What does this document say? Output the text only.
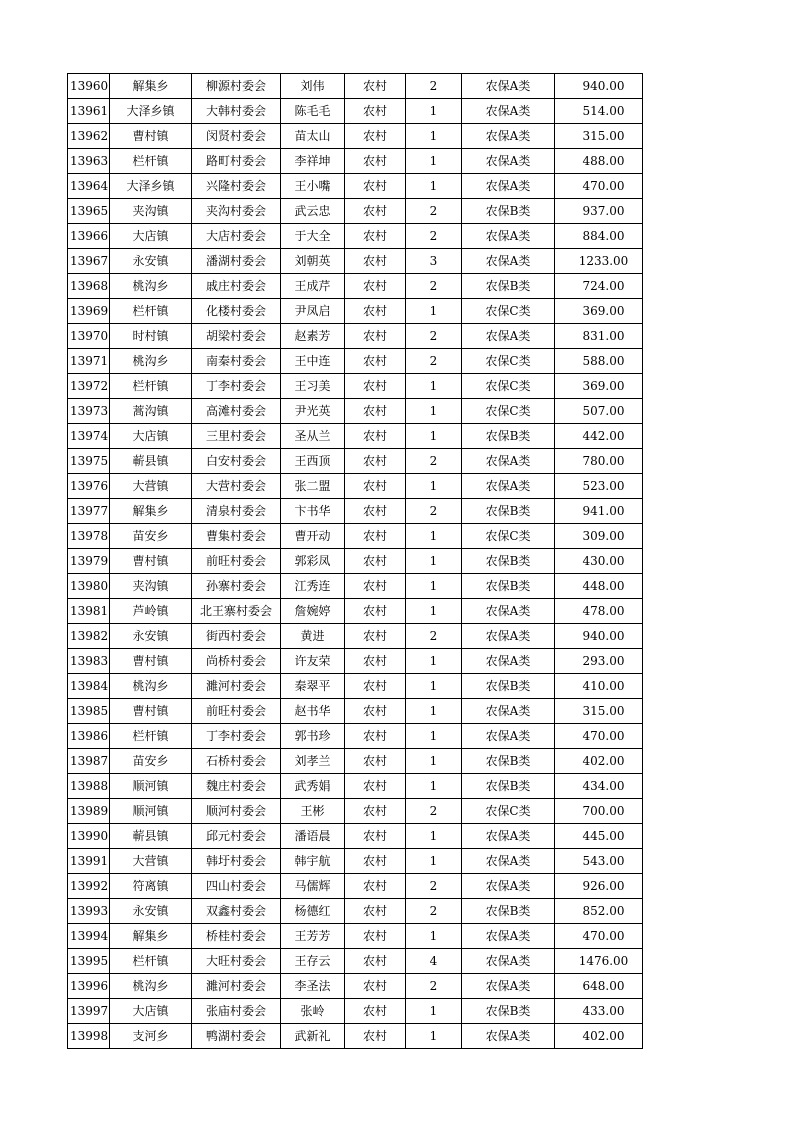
13960	解集乡	柳源村委会	刘伟	农村	2	农保A类	940.00
13961	大泽乡镇	大韩村委会	陈毛毛	农村	1	农保A类	514.00
13962	曹村镇	闵贤村委会	苗太山	农村	1	农保A类	315.00
13963	栏杆镇	路町村委会	李祥坤	农村	1	农保A类	488.00
13964	大泽乡镇	兴隆村委会	王小嘴	农村	1	农保A类	470.00
13965	夹沟镇	夹沟村委会	武云忠	农村	2	农保B类	937.00
13966	大店镇	大店村委会	于大全	农村	2	农保A类	884.00
13967	永安镇	潘湖村委会	刘朝英	农村	3	农保A类	1233.00
13968	桃沟乡	戚庄村委会	王成芹	农村	2	农保B类	724.00
13969	栏杆镇	化楼村委会	尹凤启	农村	1	农保C类	369.00
13970	时村镇	胡梁村委会	赵素芳	农村	2	农保A类	831.00
13971	桃沟乡	南秦村委会	王中连	农村	2	农保C类	588.00
13972	栏杆镇	丁李村委会	王习美	农村	1	农保C类	369.00
13973	蒿沟镇	高滩村委会	尹光英	农村	1	农保C类	507.00
13974	大店镇	三里村委会	圣从兰	农村	1	农保B类	442.00
13975	蕲县镇	白安村委会	王西顶	农村	2	农保A类	780.00
13976	大营镇	大营村委会	张二盟	农村	1	农保A类	523.00
13977	解集乡	清泉村委会	卞书华	农村	2	农保B类	941.00
13978	苗安乡	曹集村委会	曹开动	农村	1	农保C类	309.00
13979	曹村镇	前旺村委会	郭彩凤	农村	1	农保B类	430.00
13980	夹沟镇	孙寨村委会	江秀连	农村	1	农保B类	448.00
13981	芦岭镇	北王寨村委会	詹婉婷	农村	1	农保A类	478.00
13982	永安镇	街西村委会	黄进	农村	2	农保A类	940.00
13983	曹村镇	尚桥村委会	许友荣	农村	1	农保A类	293.00
13984	桃沟乡	濉河村委会	秦翠平	农村	1	农保B类	410.00
13985	曹村镇	前旺村委会	赵书华	农村	1	农保A类	315.00
13986	栏杆镇	丁李村委会	郭书珍	农村	1	农保A类	470.00
13987	苗安乡	石桥村委会	刘孝兰	农村	1	农保B类	402.00
13988	顺河镇	魏庄村委会	武秀娟	农村	1	农保B类	434.00
13989	顺河镇	顺河村委会	王彬	农村	2	农保C类	700.00
13990	蕲县镇	邱元村委会	潘语晨	农村	1	农保A类	445.00
13991	大营镇	韩圩村委会	韩宇航	农村	1	农保A类	543.00
13992	符离镇	四山村委会	马儒辉	农村	2	农保A类	926.00
13993	永安镇	双鑫村委会	杨德红	农村	2	农保B类	852.00
13994	解集乡	桥桂村委会	王芳芳	农村	1	农保A类	470.00
13995	栏杆镇	大旺村委会	王存云	农村	4	农保A类	1476.00
13996	桃沟乡	濉河村委会	李圣法	农村	2	农保A类	648.00
13997	大店镇	张庙村委会	张岭	农村	1	农保B类	433.00
13998	支河乡	鸭湖村委会	武新礼	农村	1	农保A类	402.00
